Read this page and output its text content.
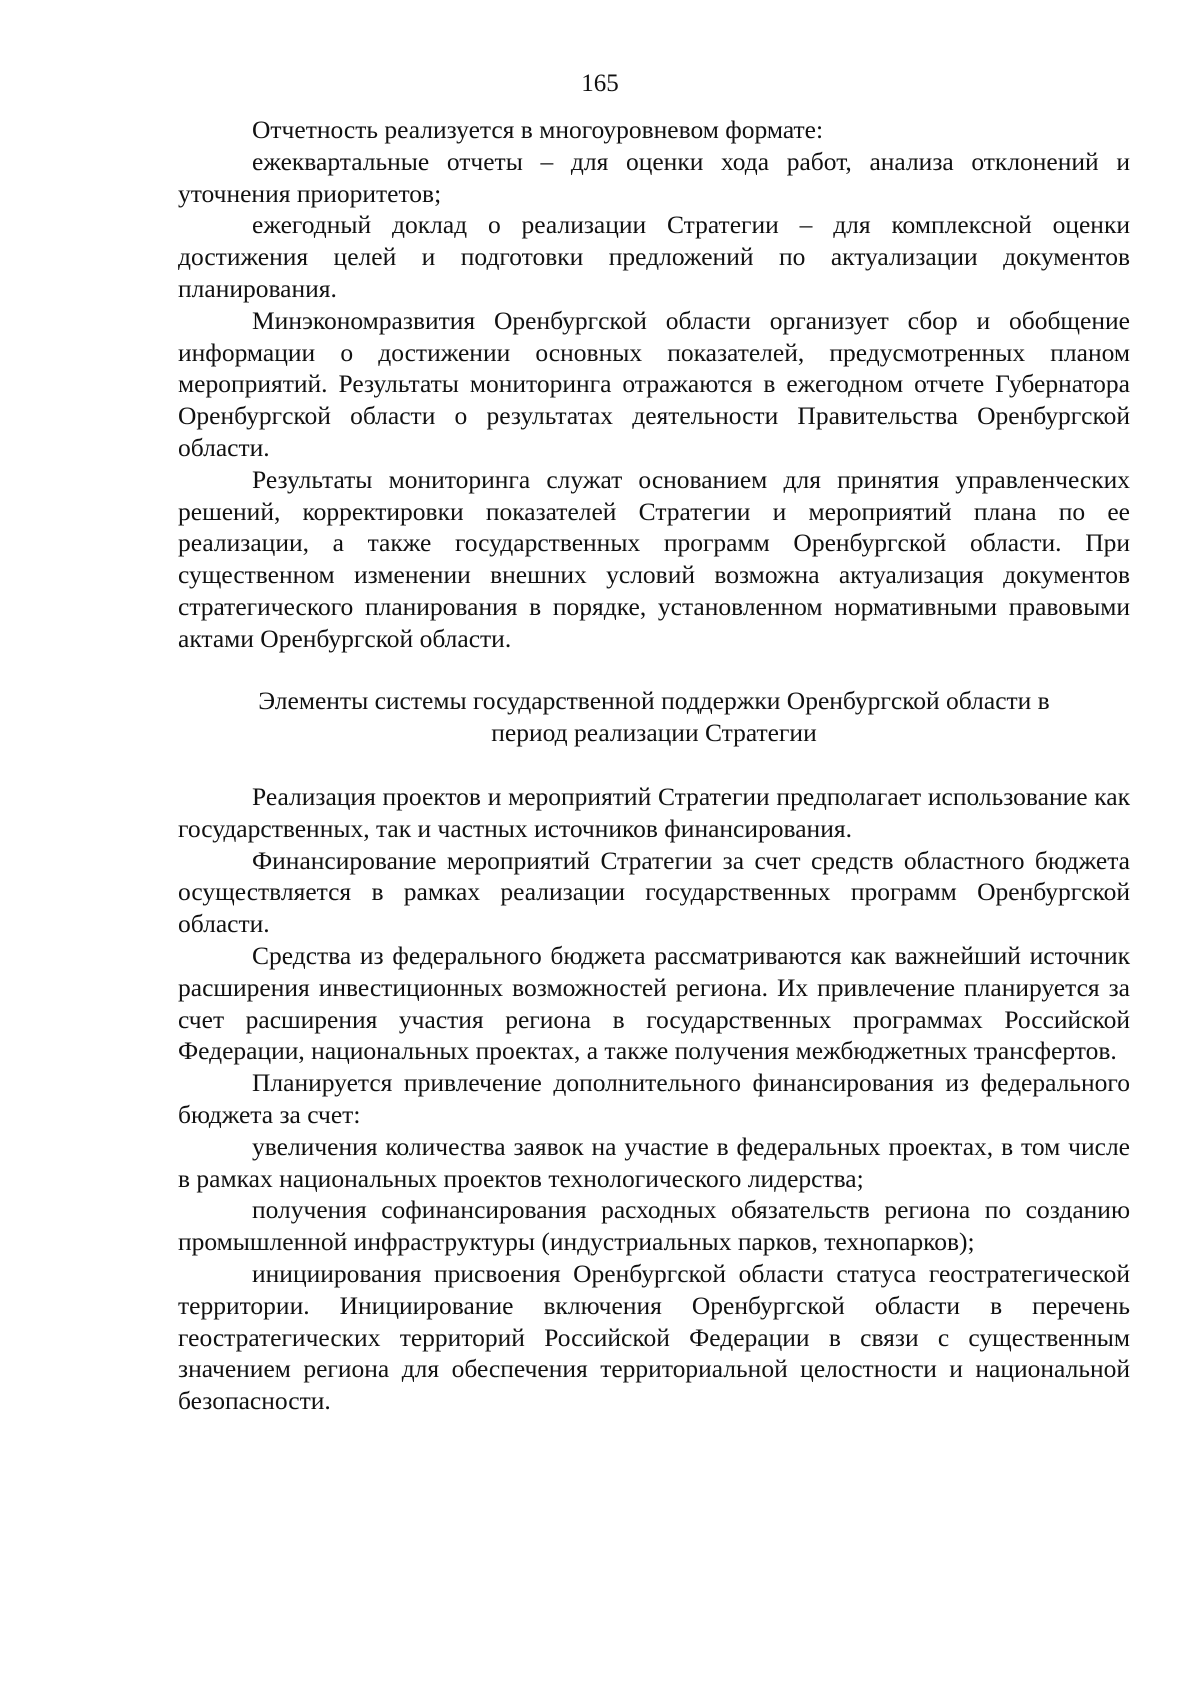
165

Отчетность реализуется в многоуровневом формате:

ежеквартальные отчеты – для оценки хода работ, анализа отклонений и уточнения приоритетов;

ежегодный доклад о реализации Стратегии – для комплексной оценки достижения целей и подготовки предложений по актуализации документов планирования.

Минэкономразвития Оренбургской области организует сбор и обобщение информации о достижении основных показателей, предусмотренных планом мероприятий. Результаты мониторинга отражаются в ежегодном отчете Губернатора Оренбургской области о результатах деятельности Правительства Оренбургской области.

Результаты мониторинга служат основанием для принятия управленческих решений, корректировки показателей Стратегии и мероприятий плана по ее реализации, а также государственных программ Оренбургской области. При существенном изменении внешних условий возможна актуализация документов стратегического планирования в порядке, установленном нормативными правовыми актами Оренбургской области.

Элементы системы государственной поддержки Оренбургской области в
период реализации Стратегии

Реализация проектов и мероприятий Стратегии предполагает использование как государственных, так и частных источников финансирования.

Финансирование мероприятий Стратегии за счет средств областного бюджета осуществляется в рамках реализации государственных программ Оренбургской области.

Средства из федерального бюджета рассматриваются как важнейший источник расширения инвестиционных возможностей региона. Их привлечение планируется за счет расширения участия региона в государственных программах Российской Федерации, национальных проектах, а также получения межбюджетных трансфертов.

Планируется привлечение дополнительного финансирования из федерального бюджета за счет:

увеличения количества заявок на участие в федеральных проектах, в том числе в рамках национальных проектов технологического лидерства;

получения софинансирования расходных обязательств региона по созданию промышленной инфраструктуры (индустриальных парков, технопарков);

инициирования присвоения Оренбургской области статуса геостратегической территории. Инициирование включения Оренбургской области в перечень геостратегических территорий Российской Федерации в связи с существенным значением региона для обеспечения территориальной целостности и национальной безопасности.
